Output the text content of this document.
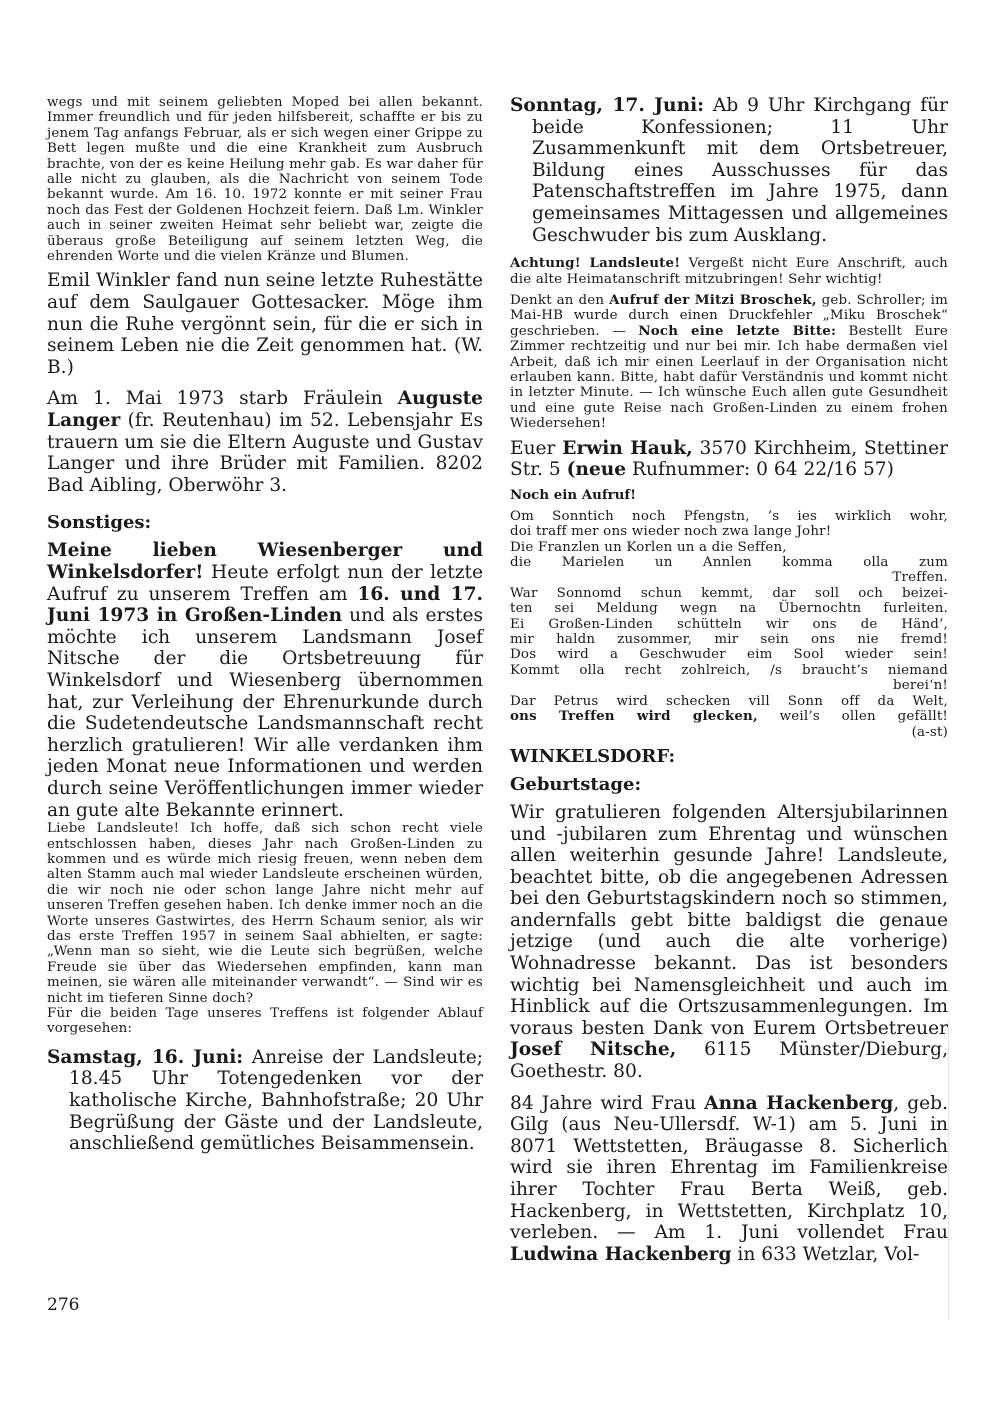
wegs und mit seinem geliebten Moped bei allen bekannt. Immer freundlich und für jeden hilfsbereit, schaffte er bis zu jenem Tag anfangs Februar, als er sich wegen einer Grippe zu Bett legen mußte und die eine Krankheit zum Ausbruch brachte, von der es keine Heilung mehr gab. Es war daher für alle nicht zu glauben, als die Nachricht von seinem Tode bekannt wurde. Am 16. 10. 1972 konnte er mit seiner Frau noch das Fest der Goldenen Hochzeit feiern. Daß Lm. Winkler auch in seiner zweiten Heimat sehr beliebt war, zeigte die überaus große Beteiligung auf seinem letzten Weg, die ehrenden Worte und die vielen Kränze und Blumen.

Emil Winkler fand nun seine letzte Ruhestätte auf dem Saulgauer Gottesacker. Möge ihm nun die Ruhe vergönnt sein, für die er sich in seinem Leben nie die Zeit genommen hat. (W. B.)

Am 1. Mai 1973 starb Fräulein Auguste Langer (fr. Reutenhau) im 52. Lebensjahr Es trauern um sie die Eltern Auguste und Gustav Langer und ihre Brüder mit Familien. 8202 Bad Aibling, Oberwöhr 3.

Sonstiges:

Meine lieben Wiesenberger und Winkelsdorfer! Heute erfolgt nun der letzte Aufruf zu unserem Treffen am 16. und 17. Juni 1973 in Großen-Linden und als erstes möchte ich unserem Landsmann Josef Nitsche der die Ortsbetreuung für Winkelsdorf und Wiesenberg übernommen hat, zur Verleihung der Ehrenurkunde durch die Sudetendeutsche Landsmannschaft recht herzlich gratulieren! Wir alle verdanken ihm jeden Monat neue Informationen und werden durch seine Veröffentlichungen immer wieder an gute alte Bekannte erinnert.

Liebe Landsleute! Ich hoffe, daß sich schon recht viele entschlossen haben, dieses Jahr nach Großen-Linden zu kommen und es würde mich riesig freuen, wenn neben dem alten Stamm auch mal wieder Landsleute erscheinen würden, die wir noch nie oder schon lange Jahre nicht mehr auf unseren Treffen gesehen haben. Ich denke immer noch an die Worte unseres Gastwirtes, des Herrn Schaum senior, als wir das erste Treffen 1957 in seinem Saal abhielten, er sagte: „Wenn man so sieht, wie die Leute sich begrüßen, welche Freude sie über das Wiedersehen empfinden, kann man meinen, sie wären alle miteinander verwandt“. — Sind wir es nicht im tieferen Sinne doch?

Für die beiden Tage unseres Treffens ist folgender Ablauf vorgesehen:

Samstag, 16. Juni: Anreise der Landsleute; 18.45 Uhr Totengedenken vor der katholische Kirche, Bahnhofstraße; 20 Uhr Begrüßung der Gäste und der Landsleute, anschließend gemütliches Beisammensein.

Sonntag, 17. Juni: Ab 9 Uhr Kirchgang für beide Konfessionen; 11 Uhr Zusammenkunft mit dem Ortsbetreuer, Bildung eines Ausschusses für das Patenschaftstreffen im Jahre 1975, dann gemeinsames Mittagessen und allgemeines Geschwuder bis zum Ausklang.

Achtung! Landsleute! Vergeßt nicht Eure Anschrift, auch die alte Heimatanschrift mitzubringen! Sehr wichtig!

Denkt an den Aufruf der Mitzi Broschek, geb. Schroller; im Mai-HB wurde durch einen Druckfehler „Miku Broschek“ geschrieben. — Noch eine letzte Bitte: Bestellt Eure Zimmer rechtzeitig und nur bei mir. Ich habe dermaßen viel Arbeit, daß ich mir einen Leerlauf in der Organisation nicht erlauben kann. Bitte, habt dafür Verständnis und kommt nicht in letzter Minute. — Ich wünsche Euch allen gute Gesundheit und eine gute Reise nach Großen-Linden zu einem frohen Wiedersehen!

Euer Erwin Hauk, 3570 Kirchheim, Stettiner Str. 5 (neue Rufnummer: 0 64 22/16 57)

Noch ein Aufruf!
Om Sonntich noch Pfengstn, ’s ies wirklich wohr,
doi traff mer ons wieder noch zwa lange Johr!
Die Franzlen un Korlen un a die Seffen,
die Marielen un Annlen komma olla zum
Treffen.
War Sonnomd schun kemmt, dar soll och beizei-
ten sei Meldung wegn na Übernochtn furleiten.
Ei Großen-Linden schütteln wir ons de Händ’,
mir haldn zusommer, mir sein ons nie fremd!
Dos wird a Geschwuder eim Sool wieder sein!
Kommt olla recht zohlreich, /s braucht’s niemand
berei‘n!
Dar Petrus wird schecken vill Sonn off da Welt,
ons Treffen wird glecken, weil’s ollen gefällt!
(a-st)
WINKELSDORF:
Geburtstage:

Wir gratulieren folgenden Altersjubilarinnen und -jubilaren zum Ehrentag und wünschen allen weiterhin gesunde Jahre! Landsleute, beachtet bitte, ob die angegebenen Adressen bei den Geburtstagskindern noch so stimmen, andernfalls gebt bitte baldigst die genaue jetzige (und auch die alte vorherige) Wohnadresse bekannt. Das ist besonders wichtig bei Namensgleichheit und auch im Hinblick auf die Ortszusammenlegungen. Im voraus besten Dank von Eurem Ortsbetreuer Josef Nitsche, 6115 Münster/Dieburg, Goethestr. 80.

84 Jahre wird Frau Anna Hackenberg, geb. Gilg (aus Neu-Ullersdf. W-1) am 5. Juni in 8071 Wettstetten, Bräugasse 8. Sicherlich wird sie ihren Ehrentag im Familienkreise ihrer Tochter Frau Berta Weiß, geb. Hackenberg, in Wettstetten, Kirchplatz 10, verleben. — Am 1. Juni vollendet Frau Ludwina Hackenberg in 633 Wetzlar, Vol-

276
